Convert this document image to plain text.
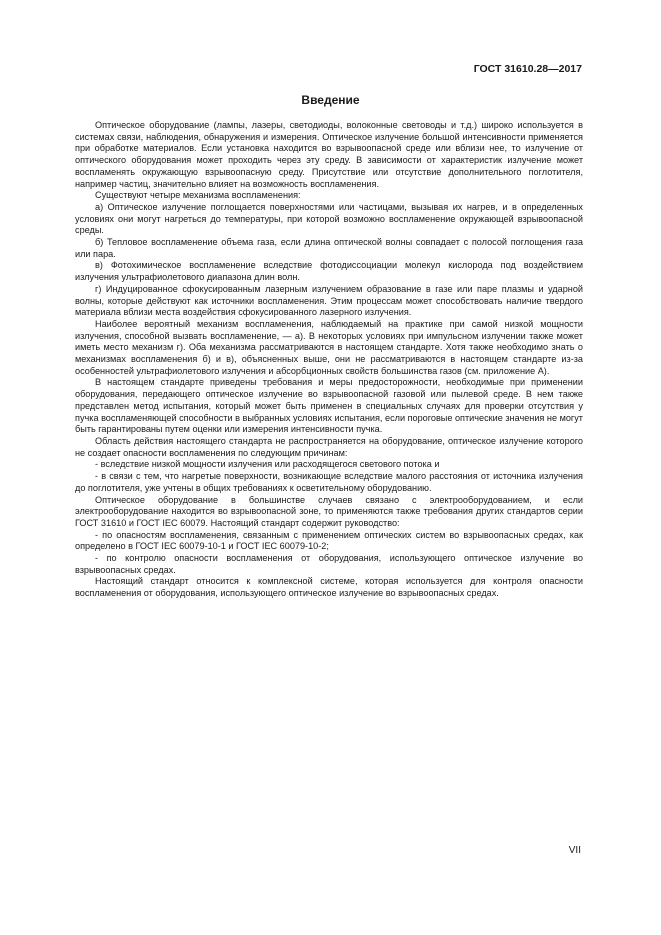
ГОСТ 31610.28—2017
Введение

Оптическое оборудование (лампы, лазеры, светодиоды, волоконные световоды и т.д.) широко используется в системах связи, наблюдения, обнаружения и измерения. Оптическое излучение большой интенсивности применяется при обработке материалов. Если установка находится во взрывоопасной среде или вблизи нее, то излучение от оптического оборудования может проходить через эту среду. В зависимости от характеристик излучение может воспламенять окружающую взрывоопасную среду. Присутствие или отсутствие дополнительного поглотителя, например частиц, значительно влияет на возможность воспламенения.

Существуют четыре механизма воспламенения:

а) Оптическое излучение поглощается поверхностями или частицами, вызывая их нагрев, и в определенных условиях они могут нагреться до температуры, при которой возможно воспламенение окружающей взрывоопасной среды.

б) Тепловое воспламенение объема газа, если длина оптической волны совпадает с полосой поглощения газа или пара.

в) Фотохимическое воспламенение вследствие фотодиссоциации молекул кислорода под воздействием излучения ультрафиолетового диапазона длин волн.

г) Индуцированное сфокусированным лазерным излучением образование в газе или паре плазмы и ударной волны, которые действуют как источники воспламенения. Этим процессам может способствовать наличие твердого материала вблизи места воздействия сфокусированного лазерного излучения.

Наиболее вероятный механизм воспламенения, наблюдаемый на практике при самой низкой мощности излучения, способной вызвать воспламенение, — а). В некоторых условиях при импульсном излучении также может иметь место механизм г). Оба механизма рассматриваются в настоящем стандарте. Хотя также необходимо знать о механизмах воспламенения б) и в), объясненных выше, они не рассматриваются в настоящем стандарте из-за особенностей ультрафиолетового излучения и абсорбционных свойств большинства газов (см. приложение А).

В настоящем стандарте приведены требования и меры предосторожности, необходимые при применении оборудования, передающего оптическое излучение во взрывоопасной газовой или пылевой среде. В нем также представлен метод испытания, который может быть применен в специальных случаях для проверки отсутствия у пучка воспламеняющей способности в выбранных условиях испытания, если пороговые оптические значения не могут быть гарантированы путем оценки или измерения интенсивности пучка.

Область действия настоящего стандарта не распространяется на оборудование, оптическое излучение которого не создает опасности воспламенения по следующим причинам:

- вследствие низкой мощности излучения или расходящегося светового потока и

- в связи с тем, что нагретые поверхности, возникающие вследствие малого расстояния от источника излучения до поглотителя, уже учтены в общих требованиях к осветительному оборудованию.

Оптическое оборудование в большинстве случаев связано с электрооборудованием, и если электрооборудование находится во взрывоопасной зоне, то применяются также требования других стандартов серии ГОСТ 31610 и ГОСТ IEC 60079. Настоящий стандарт содержит руководство:

- по опасностям воспламенения, связанным с применением оптических систем во взрывоопасных средах, как определено в ГОСТ IEC 60079-10-1 и ГОСТ IEC 60079-10-2;

- по контролю опасности воспламенения от оборудования, использующего оптическое излучение во взрывоопасных средах.

Настоящий стандарт относится к комплексной системе, которая используется для контроля опасности воспламенения от оборудования, использующего оптическое излучение во взрывоопасных средах.

VII
